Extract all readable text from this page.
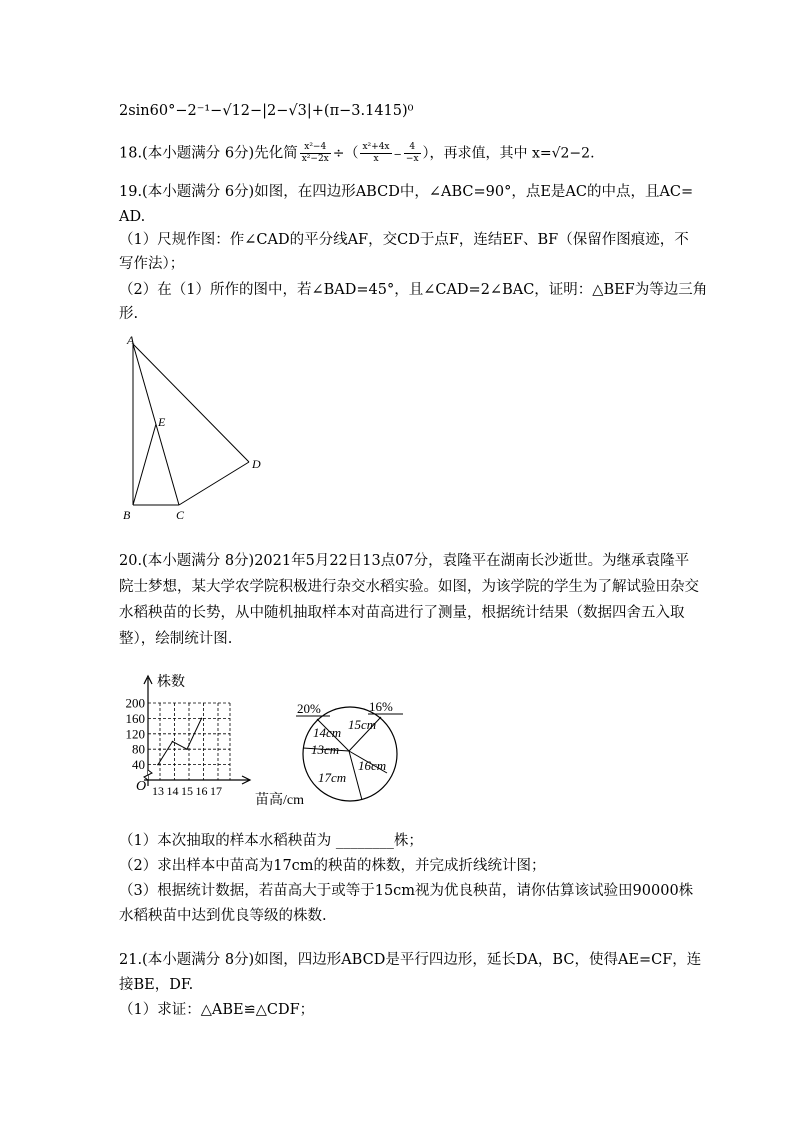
2sin60°−2⁻¹−√12−|2−√3|+(π−3.1415)⁰
18.(本小题满分 6分)先化简 $\frac{\text{x²−4}}{\text{x²−2x}}$ ÷（ $\frac{\text{x²+4x}}{x} - \frac{4}{-x}$ ），再求值，其中 x=√2−2.
19.(本小题满分 6分)如图，在四边形ABCD中，∠ABC=90°，点E是AC的中点，且AC=
AD.
（1）尺规作图：作∠CAD的平分线AF，交CD于点F，连结EF、BF（保留作图痕迹，不
写作法）；
（2）在（1）所作的图中，若∠BAD=45°，且∠CAD=2∠BAC，证明：△BEF为等边三角
形.
A
E
D
B	C
20.(本小题满分 8分)2021年5月22日13点07分，袁隆平在湖南长沙逝世。为继承袁隆平
院士梦想，某大学农学院积极进行杂交水稻实验。如图，为该学院的学生为了解试验田杂交
水稻秧苗的长势，从中随机抽取样本对苗高进行了测量，根据统计结果（数据四舍五入取
整），绘制统计图.
40
80
120
160
200
13 14 15 16 17
株数
苗高/cm
O
13cm
14cm
15cm
16cm
17cm
20%	16%
（1）本次抽取的样本水稻秧苗为 ________株；
（2）求出样本中苗高为17cm的秧苗的株数，并完成折线统计图；
（3）根据统计数据，若苗高大于或等于15cm视为优良秧苗，请你估算该试验田90000株
水稻秧苗中达到优良等级的株数.
21.(本小题满分 8分)如图，四边形ABCD是平行四边形，延长DA，BC，使得AE=CF，连
接BE，DF.
（1）求证：△ABE≌△CDF；
